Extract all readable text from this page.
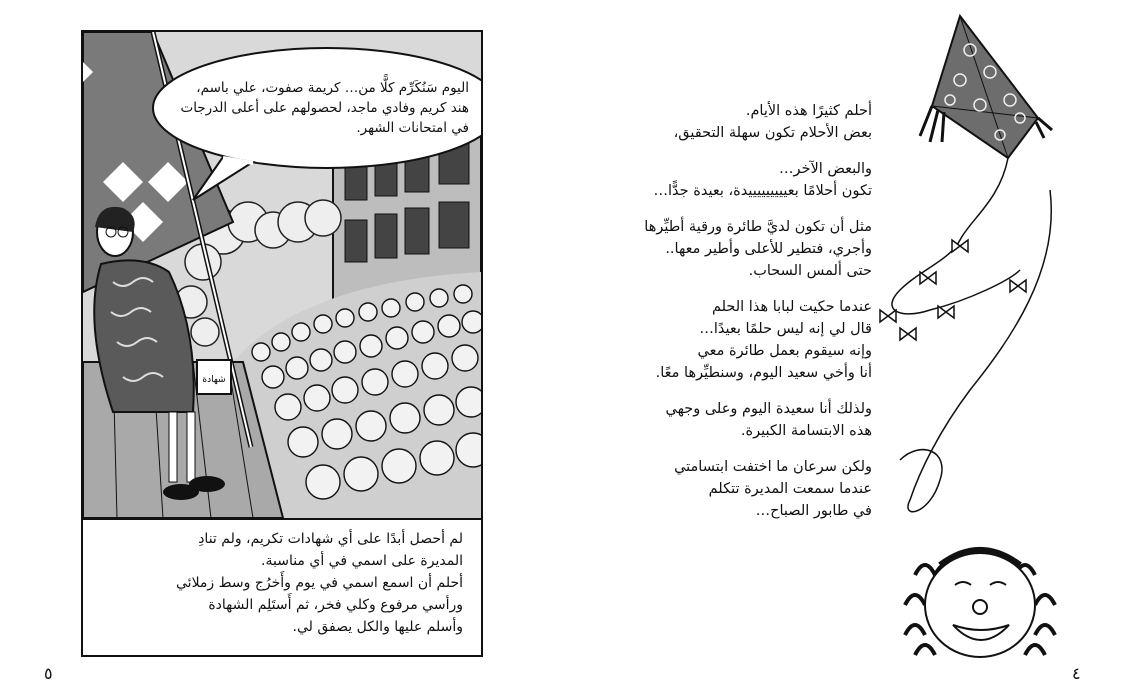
شهادة
اليوم سَنُكَرِّم كلًّا من… كريمة صفوت، علي باسم،
هند كريم وفادي ماجد، لحصولهم على أعلى الدرجات
في امتحانات الشهر.
لم أحصل أبدًا على أي شهادات تكريم، ولم تنادِ
المديرة على اسمي في أي مناسبة.
أحلم أن اسمع اسمي في يوم وأَخرُج وسط زملائي
ورأسي مرفوع وكلي فخر، ثم أَستَلِم الشهادة
وأسلم عليها والكل يصفق لي.
٥
أحلم كثيرًا هذه الأيام.
بعض الأحلام تكون سهلة التحقيق،
والبعض الآخر…
تكون أحلامًا بعيييييييييدة، بعيدة جدًّا…
مثل أن تكون لديَّ طائرة ورقية أطيِّرها
وأجري، فتطير للأعلى وأطير معها..
حتى ألمس السحاب.
عندما حكيت لبابا هذا الحلم
قال لي إنه ليس حلمًا بعيدًا…
وإنه سيقوم بعمل طائرة معي
أنا وأخي سعيد اليوم، وسنطيِّرها معًا.
ولذلك أنا سعيدة اليوم وعلى وجهي
هذه الابتسامة الكبيرة.
ولكن سرعان ما اختفت ابتسامتي
عندما سمعت المديرة تتكلم
في طابور الصباح…
٤
